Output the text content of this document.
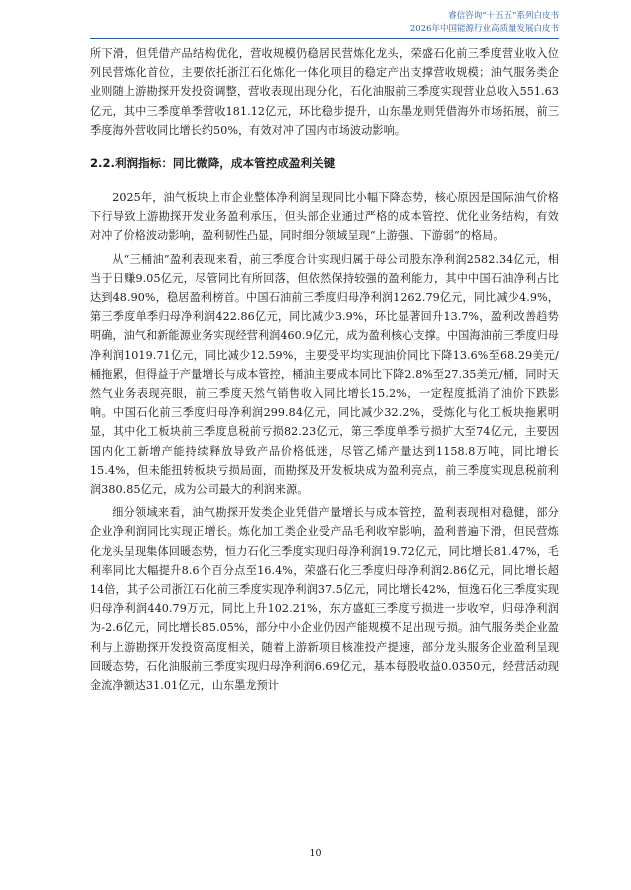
睿信咨询“十五五”系列白皮书
2026年中国能源行业高质量发展白皮书

所下滑，但凭借产品结构优化，营收规模仍稳居民营炼化龙头，荣盛石化前三季度营业收入位列民营炼化首位，主要依托浙江石化炼化一体化项目的稳定产出支撑营收规模；油气服务类企业则随上游勘探开发投资调整，营收表现出现分化，石化油服前三季度实现营业总收入551.63亿元，其中三季度单季营收181.12亿元，环比稳步提升，山东墨龙则凭借海外市场拓展，前三季度海外营收同比增长约50%，有效对冲了国内市场波动影响。

2.2.利润指标：同比微降，成本管控成盈利关键

2025年，油气板块上市企业整体净利润呈现同比小幅下降态势，核心原因是国际油气价格下行导致上游勘探开发业务盈利承压，但头部企业通过严格的成本管控、优化业务结构，有效对冲了价格波动影响，盈利韧性凸显，同时细分领域呈现“上游强、下游弱”的格局。

从“三桶油”盈利表现来看，前三季度合计实现归属于母公司股东净利润2582.34亿元，相当于日赚9.05亿元，尽管同比有所回落，但依然保持较强的盈利能力，其中中国石油净利占比达到48.90%，稳居盈利榜首。中国石油前三季度归母净利润1262.79亿元，同比减少4.9%，第三季度单季归母净利润422.86亿元，同比减少3.9%，环比显著回升13.7%，盈利改善趋势明确，油气和新能源业务实现经营利润460.9亿元，成为盈利核心支撑。中国海油前三季度归母净利润1019.71亿元，同比减少12.59%，主要受平均实现油价同比下降13.6%至68.29美元/桶拖累，但得益于产量增长与成本管控，桶油主要成本同比下降2.8%至27.35美元/桶，同时天然气业务表现亮眼，前三季度天然气销售收入同比增长15.2%，一定程度抵消了油价下跌影响。中国石化前三季度归母净利润299.84亿元，同比减少32.2%，受炼化与化工板块拖累明显，其中化工板块前三季度息税前亏损82.23亿元，第三季度单季亏损扩大至74亿元，主要因国内化工新增产能持续释放导致产品价格低迷，尽管乙烯产量达到1158.8万吨，同比增长15.4%，但未能扭转板块亏损局面，而勘探及开发板块成为盈利亮点，前三季度实现息税前利润380.85亿元，成为公司最大的利润来源。

细分领域来看，油气勘探开发类企业凭借产量增长与成本管控，盈利表现相对稳健，部分企业净利润同比实现正增长。炼化加工类企业受产品毛利收窄影响，盈利普遍下滑，但民营炼化龙头呈现集体回暖态势，恒力石化三季度实现归母净利润19.72亿元，同比增长81.47%，毛利率同比大幅提升8.6个百分点至16.4%，荣盛石化三季度归母净利润2.86亿元，同比增长超14倍，其子公司浙江石化前三季度实现净利润37.5亿元，同比增长42%，恒逸石化三季度实现归母净利润440.79万元，同比上升102.21%，东方盛虹三季度亏损进一步收窄，归母净利润为-2.6亿元，同比增长85.05%，部分中小企业仍因产能规模不足出现亏损。油气服务类企业盈利与上游勘探开发投资高度相关，随着上游新项目核准投产提速，部分龙头服务企业盈利呈现回暖态势，石化油服前三季度实现归母净利润6.69亿元，基本每股收益0.0350元，经营活动现金流净额达31.01亿元，山东墨龙预计

10
